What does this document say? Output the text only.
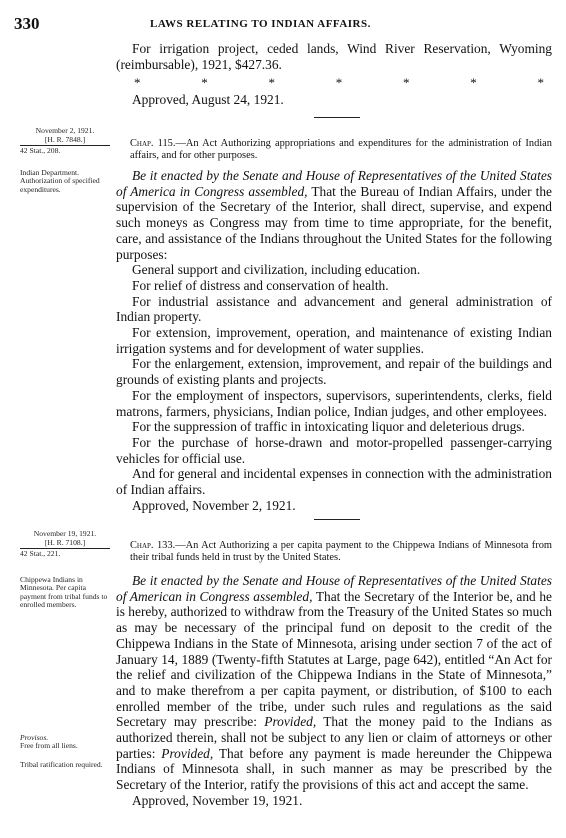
330	LAWS RELATING TO INDIAN AFFAIRS.
For irrigation project, ceded lands, Wind River Reservation, Wyoming (reimbursable), 1921, $427.36.
*	*	*	*	*	*	*
Approved, August 24, 1921.
November 2, 1921.
[H. R. 7848.]
42 Stat., 208.
Chap. 115.—An Act Authorizing appropriations and expenditures for the administration of Indian affairs, and for other purposes.
Indian Department. Authorization of specified expenditures.
Be it enacted by the Senate and House of Representatives of the United States of America in Congress assembled, That the Bureau of Indian Affairs, under the supervision of the Secretary of the Interior, shall direct, supervise, and expend such moneys as Congress may from time to time appropriate, for the benefit, care, and assistance of the Indians throughout the United States for the following purposes:
General support and civilization, including education.
For relief of distress and conservation of health.
For industrial assistance and advancement and general administration of Indian property.
For extension, improvement, operation, and maintenance of existing Indian irrigation systems and for development of water supplies.
For the enlargement, extension, improvement, and repair of the buildings and grounds of existing plants and projects.
For the employment of inspectors, supervisors, superintendents, clerks, field matrons, farmers, physicians, Indian police, Indian judges, and other employees.
For the suppression of traffic in intoxicating liquor and deleterious drugs.
For the purchase of horse-drawn and motor-propelled passenger-carrying vehicles for official use.
And for general and incidental expenses in connection with the administration of Indian affairs.
Approved, November 2, 1921.
November 19, 1921.
[H. R. 7108.]
42 Stat., 221.
Chap. 133.—An Act Authorizing a per capita payment to the Chippewa Indians of Minnesota from their tribal funds held in trust by the United States.
Chippewa Indians in Minnesota. Per capita payment from tribal funds to enrolled members.
Provisos.
Free from all liens.
Tribal ratification required.
Be it enacted by the Senate and House of Representatives of the United States of American in Congress assembled, That the Secretary of the Interior be, and he is hereby, authorized to withdraw from the Treasury of the United States so much as may be necessary of the principal fund on deposit to the credit of the Chippewa Indians in the State of Minnesota, arising under section 7 of the act of January 14, 1889 (Twenty-fifth Statutes at Large, page 642), entitled “An Act for the relief and civilization of the Chippewa Indians in the State of Minnesota,” and to make therefrom a per capita payment, or distribution, of $100 to each enrolled member of the tribe, under such rules and regulations as the said Secretary may prescribe: Provided, That the money paid to the Indians as authorized therein, shall not be subject to any lien or claim of attorneys or other parties: Provided, That before any payment is made hereunder the Chippewa Indians of Minnesota shall, in such manner as may be prescribed by the Secretary of the Interior, ratify the provisions of this act and accept the same.
Approved, November 19, 1921.
